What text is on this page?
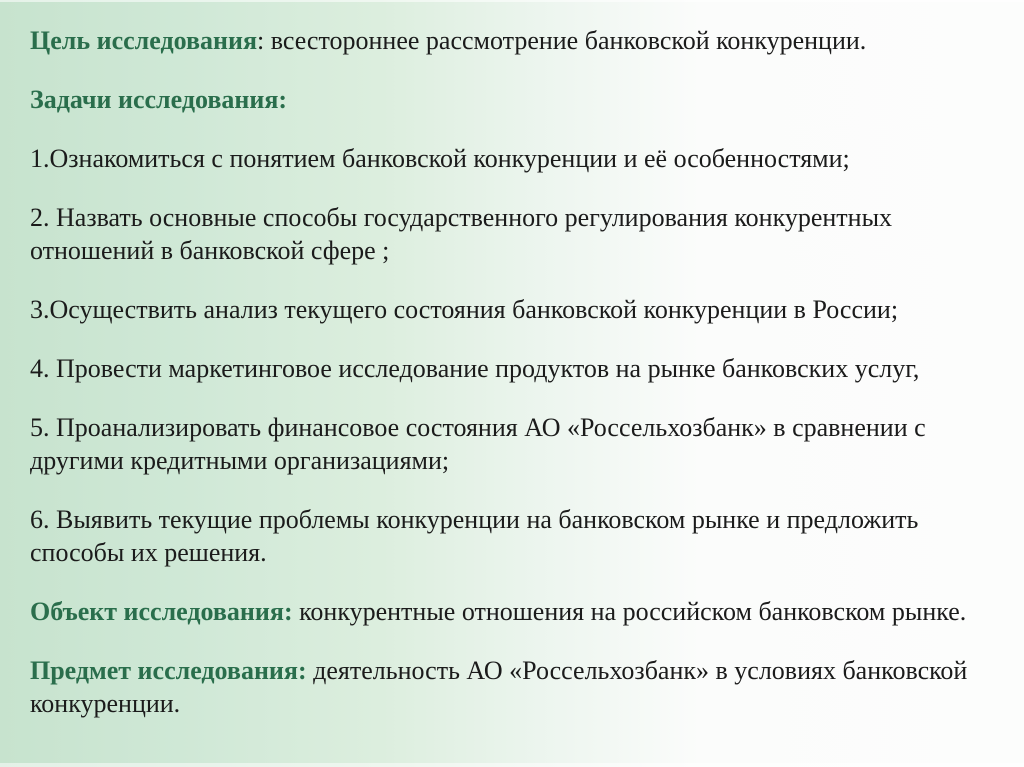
Цель исследования: всестороннее рассмотрение банковской конкуренции.

Задачи исследования:

1.Ознакомиться с понятием банковской конкуренции и её особенностями;

2. Назвать основные способы государственного регулирования конкурентных отношений в банковской сфере ;

3.Осуществить анализ текущего состояния банковской конкуренции в России;

4. Провести маркетинговое исследование продуктов на рынке банковских услуг,

5. Проанализировать финансовое состояния АО «Россельхозбанк» в сравнении с другими кредитными организациями;

6. Выявить текущие проблемы конкуренции на банковском рынке и предложить способы их решения.

Объект исследования: конкурентные отношения на российском банковском рынке.

Предмет исследования: деятельность АО «Россельхозбанк» в условиях банковской конкуренции.
